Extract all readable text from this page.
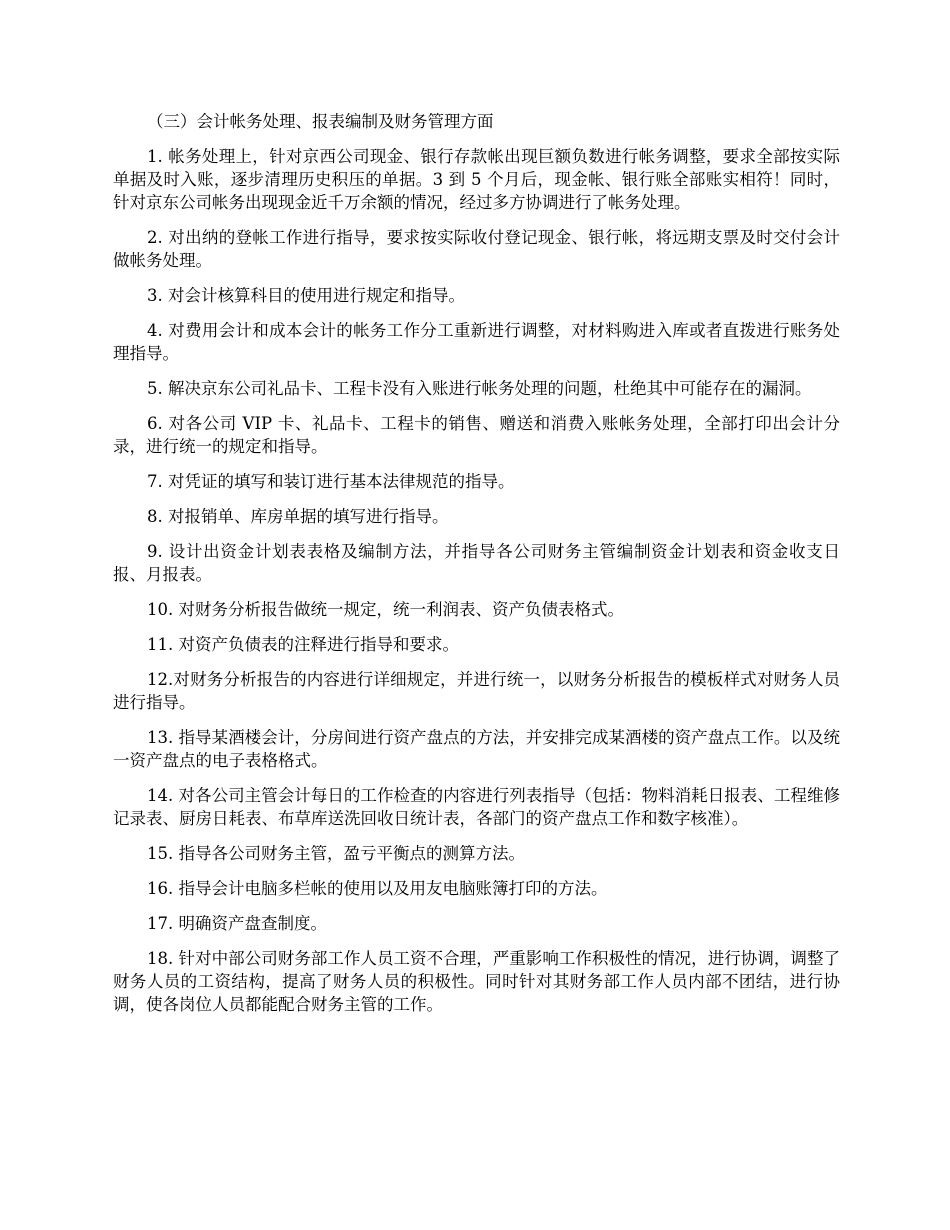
（三）会计帐务处理、报表编制及财务管理方面

1. 帐务处理上，针对京西公司现金、银行存款帐出现巨额负数进行帐务调整，要求全部按实际单据及时入账，逐步清理历史积压的单据。3 到 5 个月后，现金帐、银行账全部账实相符！同时，针对京东公司帐务出现现金近千万余额的情况，经过多方协调进行了帐务处理。

2. 对出纳的登帐工作进行指导，要求按实际收付登记现金、银行帐，将远期支票及时交付会计做帐务处理。

3. 对会计核算科目的使用进行规定和指导。

4. 对费用会计和成本会计的帐务工作分工重新进行调整，对材料购进入库或者直拨进行账务处理指导。

5. 解决京东公司礼品卡、工程卡没有入账进行帐务处理的问题，杜绝其中可能存在的漏洞。

6. 对各公司 VIP 卡、礼品卡、工程卡的销售、赠送和消费入账帐务处理，全部打印出会计分录，进行统一的规定和指导。

7. 对凭证的填写和装订进行基本法律规范的指导。

8. 对报销单、库房单据的填写进行指导。

9. 设计出资金计划表表格及编制方法，并指导各公司财务主管编制资金计划表和资金收支日报、月报表。

10. 对财务分析报告做统一规定，统一利润表、资产负债表格式。

11. 对资产负债表的注释进行指导和要求。

12.对财务分析报告的内容进行详细规定，并进行统一，以财务分析报告的模板样式对财务人员进行指导。

13. 指导某酒楼会计，分房间进行资产盘点的方法，并安排完成某酒楼的资产盘点工作。以及统一资产盘点的电子表格格式。

14. 对各公司主管会计每日的工作检查的内容进行列表指导（包括：物料消耗日报表、工程维修记录表、厨房日耗表、布草库送洗回收日统计表，各部门的资产盘点工作和数字核准）。

15. 指导各公司财务主管，盈亏平衡点的测算方法。

16. 指导会计电脑多栏帐的使用以及用友电脑账簿打印的方法。

17. 明确资产盘查制度。

18. 针对中部公司财务部工作人员工资不合理，严重影响工作积极性的情况，进行协调，调整了财务人员的工资结构，提高了财务人员的积极性。同时针对其财务部工作人员内部不团结，进行协调，使各岗位人员都能配合财务主管的工作。
